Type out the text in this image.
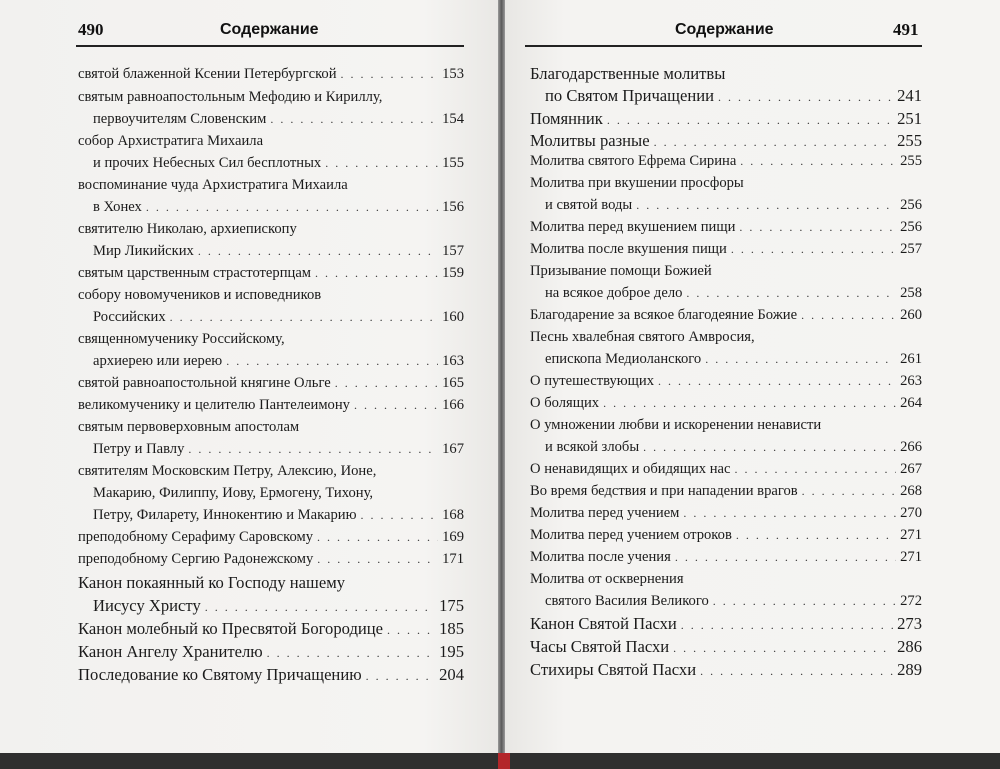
490	Содержание
святой блаженной Ксении Петербургской . . .	153
святым равноапостольным Мефодию и Кириллу,
первоучителям Словенским . . .	154
собор Архистратига Михаила
и прочих Небесных Сил бесплотных . . .	155
воспоминание чуда Архистратига Михаила
в Хонех . . .	156
святителю Николаю, архиепископу
Мир Ликийских . . .	157
святым царственным страстотерпцам . . .	159
собору новомучеников и исповедников
Российских . . .	160
священномученику Российскому,
архиерею или иерею . . .	163
святой равноапостольной княгине Ольге . . .	165
великомученику и целителю Пантелеимону . . .	166
святым первоверховным апостолам
Петру и Павлу . . .	167
святителям Московским Петру, Алексию, Ионе,
Макарию, Филиппу, Иову, Ермогену, Тихону,
Петру, Филарету, Иннокентию и Макарию . . .	168
преподобному Серафиму Саровскому . . .	169
преподобному Сергию Радонежскому . . .	171
Канон покаянный ко Господу нашему
Иисусу Христу . . .	175
Канон молебный ко Пресвятой Богородице . . .	185
Канон Ангелу Хранителю . . .	195
Последование ко Святому Причащению . . .	204
Содержание	491
Благодарственные молитвы
по Святом Причащении . . .	241
Помянник . . .	251
Молитвы разные . . .	255
Молитва святого Ефрема Сирина . . .	255
Молитва при вкушении просфоры
и святой воды . . .	256
Молитва перед вкушением пищи . . .	256
Молитва после вкушения пищи . . .	257
Призывание помощи Божией
на всякое доброе дело . . .	258
Благодарение за всякое благодеяние Божие . . .	260
Песнь хвалебная святого Амвросия,
епископа Медиоланского . . .	261
О путешествующих . . .	263
О болящих . . .	264
О умножении любви и искоренении ненависти
и всякой злобы . . .	266
О ненавидящих и обидящих нас . . .	267
Во время бедствия и при нападении врагов . . .	268
Молитва перед учением . . .	270
Молитва перед учением отроков . . .	271
Молитва после учения . . .	271
Молитва от осквернения
святого Василия Великого . . .	272
Канон Святой Пасхи . . .	273
Часы Святой Пасхи . . .	286
Стихиры Святой Пасхи . . .	289
